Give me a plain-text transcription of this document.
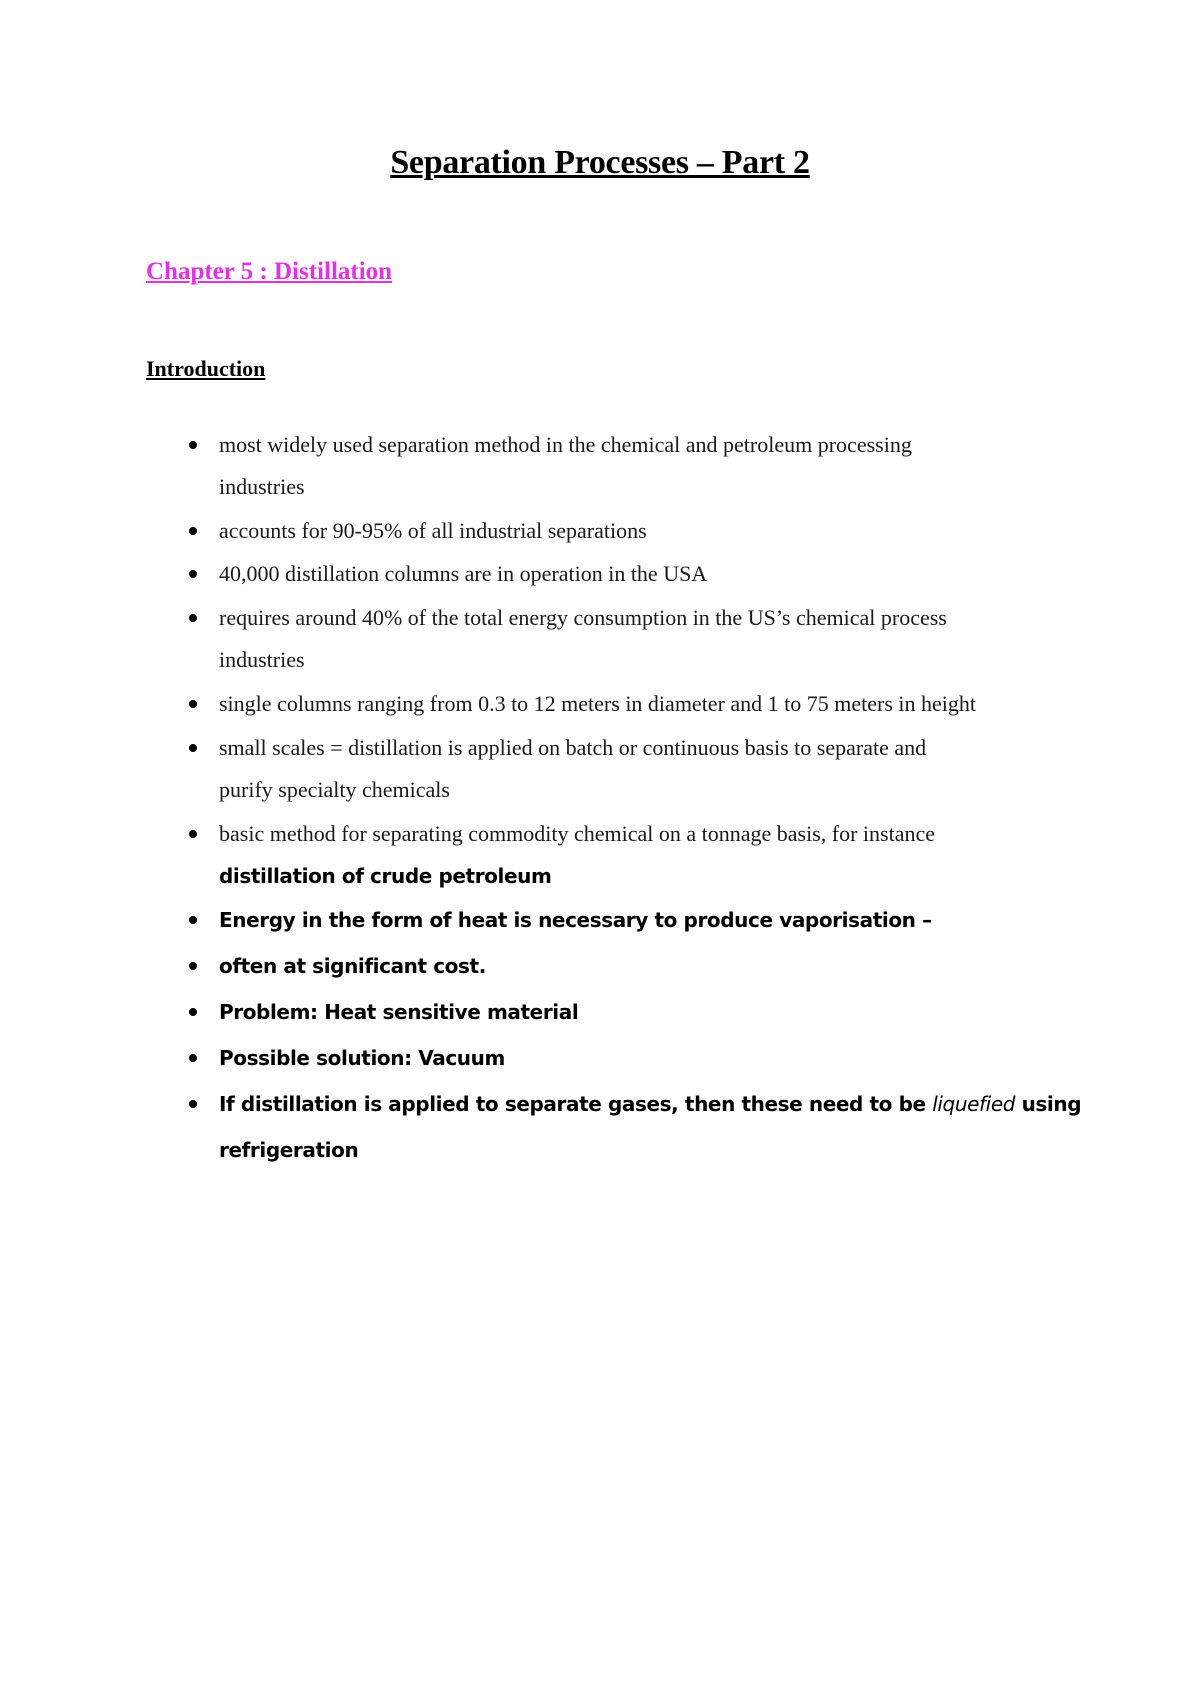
Separation Processes – Part 2
Chapter 5 : Distillation
Introduction
most widely used separation method in the chemical and petroleum processing
industries
accounts for 90-95% of all industrial separations
40,000 distillation columns are in operation in the USA
requires around 40% of the total energy consumption in the US’s chemical process
industries
single columns ranging from 0.3 to 12 meters in diameter and 1 to 75 meters in height
small scales = distillation is applied on batch or continuous basis to separate and
purify specialty chemicals
basic method for separating commodity chemical on a tonnage basis, for instance
distillation of crude petroleum
Energy in the form of heat is necessary to produce vaporisation –
often at significant cost.
Problem: Heat sensitive material
Possible solution: Vacuum
If distillation is applied to separate gases, then these need to be liquefied using
refrigeration
